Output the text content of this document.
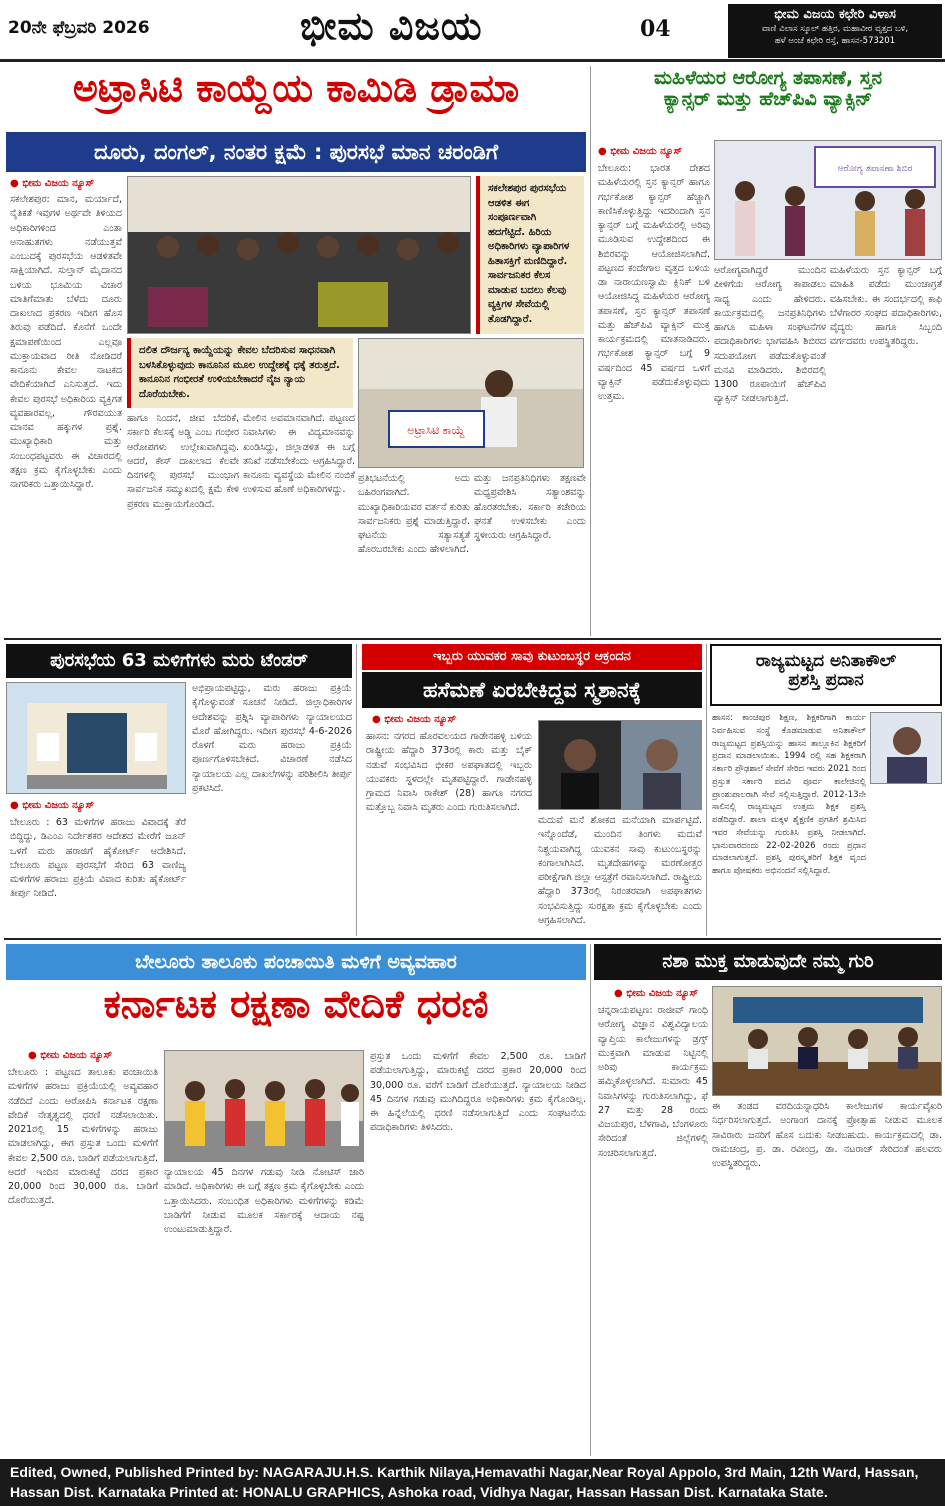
20ನೇ ಫೆಬ್ರವರಿ 2026	ಭೀಮ ವಿಜಯ	04
ಭೀಮ ವಿಜಯ ಕಛೇರಿ ವಿಳಾಸ
ವಾಣಿ ವಿಲಾಸ ಸ್ಕೂಲ್ ಹತ್ತಿರ, ಮಹಾವೀರ ವೃತ್ತದ ಬಳಿ,
ಹಳೆ ಅಂಚೆ ಕಛೇರಿ ರಸ್ತೆ, ಹಾಸನ-573201
ಅಟ್ರಾಸಿಟಿ ಕಾಯ್ದೆಯ ಕಾಮಿಡಿ ಡ್ರಾಮಾ
ದೂರು, ದಂಗಲ್, ನಂತರ ಕ್ಷಮೆ : ಪುರಸಭೆ ಮಾನ ಚರಂಡಿಗೆ
● ಭೀಮ ವಿಜಯ ನ್ಯೂಸ್
ಸಕಲೇಶಪುರ: ಮಾನ, ಮರ್ಯಾದೆ, ನೈತಿಕತೆ ಇವುಗಳ ಅರ್ಥವೇ ತಿಳಿಯದ ಅಧಿಕಾರಿಗಳಿಂದ ಎಂತಾ ಅನಾಹುತಗಳು ನಡೆಯುತ್ತವೆ ಎಂಬುದಕ್ಕೆ ಪುರಸಭೆಯ ಆಡಳಿತವೇ ಸಾಕ್ಷಿಯಾಗಿದೆ. ಸುಲ್ತಾನ್ ಮೈದಾನದ ಬಳಿಯ ಭೂಮಿಯ ವಿಚಾರ ಮಾತಿಗೆಮಾತು ಬೆಳೆದು ದೂರು ದಾಖಲಾದ ಪ್ರಕರಣ ಇದೀಗ ಹೊಸ ತಿರುವು ಪಡೆದಿದೆ. ಕೊನೆಗೆ ಒಂದೇ ಕ್ಷಮಾಪಣೆಯಿಂದ ಎಲ್ಲವೂ ಮುಕ್ತಾಯವಾದ ರೀತಿ ನೋಡಿದರೆ ಕಾನೂನು ಕೇವಲ ನಾಟಕದ ವೇದಿಕೆಯಾಗಿದೆ ಎನಿಸುತ್ತದೆ. ಇದು ಕೇವಲ ಪುರಸಭೆ ಅಧಿಕಾರಿಯ ವ್ಯಕ್ತಿಗತ ವ್ಯವಹಾರವಲ್ಲ, ಗೌರವಯುತ ಮಾನವ ಹಕ್ಕುಗಳ ಪ್ರಶ್ನೆ. ಮುಖ್ಯಾಧಿಕಾರಿ ಮತ್ತು ಸಂಬಂಧಪಟ್ಟವರು ಈ ವಿಚಾರದಲ್ಲಿ ತಕ್ಷಣ ಕ್ರಮ ಕೈಗೊಳ್ಳಬೇಕು ಎಂದು ನಾಗರಿಕರು ಒತ್ತಾಯಿಸಿದ್ದಾರೆ.
ಸಕಲೇಶಪುರ ಪುರಸಭೆಯ ಆಡಳಿತ ಈಗ ಸಂಪೂರ್ಣವಾಗಿ ಹದಗೆಟ್ಟಿದೆ. ಹಿರಿಯ ಅಧಿಕಾರಿಗಳು ವ್ಯಾಪಾರಿಗಳ ಹಿತಾಸಕ್ತಿಗೆ ಮಣಿದಿದ್ದಾರೆ. ಸಾರ್ವಜನಿಕರ ಕೆಲಸ ಮಾಡುವ ಬದಲು ಕೆಲವು ವ್ಯಕ್ತಿಗಳ ಸೇವೆಯಲ್ಲಿ ತೊಡಗಿದ್ದಾರೆ.
ದಲಿತ ದೌರ್ಜನ್ಯ ಕಾಯ್ದೆಯನ್ನು ಕೇವಲ ಬೆದರಿಸುವ ಸಾಧನವಾಗಿ ಬಳಸಿಕೊಳ್ಳುವುದು ಕಾನೂನಿನ ಮೂಲ ಉದ್ದೇಶಕ್ಕೆ ಧಕ್ಕೆ ತರುತ್ತದೆ. ಕಾನೂನಿನ ಗಂಭೀರತೆ ಉಳಿಯಬೇಕಾದರೆ ನೈಜ ನ್ಯಾಯ ದೊರೆಯಬೇಕು.
ಅಟ್ರಾಸಿಟಿ ಕಾಯ್ದೆ
ಹಾಗೂ ನಿಂದನೆ, ಜೀವ ಬೆದರಿಕೆ, ಸರ್ಕಾರಿ ಕೆಲಸಕ್ಕೆ ಅಡ್ಡಿ ಎಂಬ ಗಂಭೀರ ಆರೋಪಗಳು ಉಲ್ಲೇಖವಾಗಿದ್ದವು. ಆದರೆ, ಕೇಸ್ ದಾಖಲಾದ ಕೆಲವೇ ದಿನಗಳಲ್ಲಿ ಪುರಸಭೆ ಮುಂಭಾಗ ಸಾರ್ವಜನಿಕ ಸಮ್ಮುಖದಲ್ಲಿ ಕ್ಷಮೆ ಕೇಳಿ ಪ್ರಕರಣ ಮುಕ್ತಾಯಗೊಂಡಿದೆ.
ಮೇಲಿನ ಅವಮಾನವಾಗಿದೆ. ಪಟ್ಟಣದ ನಿವಾಸಿಗಳು ಈ ವಿದ್ಯಮಾನವನ್ನು ಖಂಡಿಸಿದ್ದು, ಜಿಲ್ಲಾಡಳಿತ ಈ ಬಗ್ಗೆ ತನಿಖೆ ನಡೆಸಬೇಕೆಂದು ಆಗ್ರಹಿಸಿದ್ದಾರೆ. ಕಾನೂನು ವ್ಯವಸ್ಥೆಯ ಮೇಲಿನ ನಂಬಿಕೆ ಉಳಿಸುವ ಹೊಣೆ ಅಧಿಕಾರಿಗಳದ್ದು.
ಪ್ರತಿಭಟನೆಯಲ್ಲಿ ಅದು ಬಹಿರಂಗವಾಗಿದೆ. ಮುಖ್ಯಾಧಿಕಾರಿಯವರ ವರ್ತನೆ ಕುರಿತು ಸಾರ್ವಜನಿಕರು ಪ್ರಶ್ನೆ ಮಾಡುತ್ತಿದ್ದಾರೆ. ಘಟನೆಯ ಸತ್ಯಾಸತ್ಯತೆ ಹೊರಬರಬೇಕು ಎಂದು ಹೇಳಲಾಗಿದೆ.
ಮತ್ತು ಜನಪ್ರತಿನಿಧಿಗಳು ತಕ್ಷಣವೇ ಮಧ್ಯಪ್ರವೇಶಿಸಿ ಸತ್ಯಾಂಶವನ್ನು ಹೊರತರಬೇಕು. ಸರ್ಕಾರಿ ಕಚೇರಿಯ ಘನತೆ ಉಳಿಸಬೇಕು ಎಂದು ಸ್ಥಳೀಯರು ಆಗ್ರಹಿಸಿದ್ದಾರೆ.
ಮಹಿಳೆಯರ ಆರೋಗ್ಯ ತಪಾಸಣೆ, ಸ್ತನ
ಕ್ಯಾನ್ಸರ್ ಮತ್ತು ಹೆಚ್‌ಪಿವಿ ವ್ಯಾಕ್ಸಿನ್
● ಭೀಮ ವಿಜಯ ನ್ಯೂಸ್
ಬೇಲೂರು: ಭಾರತ ದೇಶದ ಮಹಿಳೆಯರಲ್ಲಿ ಸ್ತನ ಕ್ಯಾನ್ಸರ್ ಹಾಗೂ ಗರ್ಭಕೋಶ ಕ್ಯಾನ್ಸರ್ ಹೆಚ್ಚಾಗಿ ಕಾಣಿಸಿಕೊಳ್ಳುತ್ತಿದ್ದು ಇದರಿಂದಾಗಿ ಸ್ತನ ಕ್ಯಾನ್ಸರ್ ಬಗ್ಗೆ ಮಹಿಳೆಯರಲ್ಲಿ ಅರಿವು ಮೂಡಿಸುವ ಉದ್ದೇಶದಿಂದ ಈ ಶಿಬಿರವನ್ನು ಆಯೋಜಿಸಲಾಗಿದೆ. ಪಟ್ಟಣದ ಕಂದೇಗಾಲ ವೃತ್ತದ ಬಳಿಯ ಡಾ ನಾರಾಯಣಸ್ವಾಮಿ ಕ್ಲಿನಿಕ್ ಬಳಿ ಆಯೋಜಿಸಿದ್ದ ಮಹಿಳೆಯರ ಆರೋಗ್ಯ ತಪಾಸಣೆ, ಸ್ತನ ಕ್ಯಾನ್ಸರ್ ತಪಾಸಣೆ ಮತ್ತು ಹೆಚ್‌ಪಿವಿ ವ್ಯಾಕ್ಸಿನ್ ಮುಕ್ತ ಕಾರ್ಯಕ್ರಮದಲ್ಲಿ ಮಾತನಾಡಿದರು. ಗರ್ಭಕೋಶ ಕ್ಯಾನ್ಸರ್ ಬಗ್ಗೆ 9 ವರ್ಷದಿಂದ 45 ವರ್ಷದ ಒಳಗೆ ವ್ಯಾಕ್ಸಿನ್ ಪಡೆದುಕೊಳ್ಳುವುದು ಉತ್ತಮ.
ಆರೋಗ್ಯ ತಪಾಸಣಾ ಶಿಬಿರ
ಆರೋಗ್ಯವಾಗಿದ್ದರೆ ಮುಂದಿನ ಪೀಳಿಗೆಯ ಆರೋಗ್ಯ ಕಾಪಾಡಲು ಸಾಧ್ಯ ಎಂದು ಹೇಳಿದರು. ಕಾರ್ಯಕ್ರಮದಲ್ಲಿ ಜನಪ್ರತಿನಿಧಿಗಳು ಹಾಗೂ ಮಹಿಳಾ ಸಂಘಟನೆಗಳ ಪದಾಧಿಕಾರಿಗಳು ಭಾಗವಹಿಸಿ ಶಿಬಿರದ ಸದುಪಯೋಗ ಪಡೆದುಕೊಳ್ಳುವಂತೆ ಮನವಿ ಮಾಡಿದರು. ಶಿಬಿರದಲ್ಲಿ 1300 ರೂಪಾಯಿಗೆ ಹೆಚ್‌ಪಿವಿ ವ್ಯಾಕ್ಸಿನ್ ನೀಡಲಾಗುತ್ತಿದೆ.
ಮಹಿಳೆಯರು ಸ್ತನ ಕ್ಯಾನ್ಸರ್ ಬಗ್ಗೆ ಮಾಹಿತಿ ಪಡೆದು ಮುಂಜಾಗ್ರತೆ ವಹಿಸಬೇಕು. ಈ ಸಂದರ್ಭದಲ್ಲಿ ಕಾಫಿ ಬೆಳೆಗಾರರ ಸಂಘದ ಪದಾಧಿಕಾರಿಗಳು, ವೈದ್ಯರು ಹಾಗೂ ಸಿಬ್ಬಂದಿ ವರ್ಗದವರು ಉಪಸ್ಥಿತರಿದ್ದರು.
ಪುರಸಭೆಯ 63 ಮಳಿಗೆಗಳು ಮರು ಟೆಂಡರ್
ಅಭಿಪ್ರಾಯಪಟ್ಟಿದ್ದು, ಮರು ಹರಾಜು ಪ್ರಕ್ರಿಯೆ ಕೈಗೊಳ್ಳುವಂತೆ ಸೂಚನೆ ನೀಡಿದೆ. ಜಿಲ್ಲಾಧಿಕಾರಿಗಳ ಆದೇಶವನ್ನು ಪ್ರಶ್ನಿಸಿ ವ್ಯಾಪಾರಿಗಳು ನ್ಯಾಯಾಲಯದ ಮೊರೆ ಹೋಗಿದ್ದರು. ಇದೀಗ ಪುರಸಭೆ 4-6-2026 ರೊಳಗೆ ಮರು ಹರಾಜು ಪ್ರಕ್ರಿಯೆ ಪೂರ್ಣಗೊಳಿಸಬೇಕಿದೆ. ವಿಚಾರಣೆ ನಡೆಸಿದ ನ್ಯಾಯಾಲಯ ಎಲ್ಲ ದಾಖಲೆಗಳನ್ನು ಪರಿಶೀಲಿಸಿ ತೀರ್ಪು ಪ್ರಕಟಿಸಿದೆ.
● ಭೀಮ ವಿಜಯ ನ್ಯೂಸ್
ಬೇಲೂರು : 63 ಮಳಿಗೆಗಳ ಹರಾಜು ವಿವಾದಕ್ಕೆ ತೆರೆ ಬಿದ್ದಿದ್ದು, ಡಿಎಂಎ ನಿರ್ದೇಶಕರ ಆದೇಶದ ಮೇರೆಗೆ ಜೂನ್ ಒಳಗೆ ಮರು ಹರಾಜಿಗೆ ಹೈಕೋರ್ಟ್ ಆದೇಶಿಸಿದೆ. ಬೇಲೂರು ಪಟ್ಟಣ ಪುರಸಭೆಗೆ ಸೇರಿದ 63 ವಾಣಿಜ್ಯ ಮಳಿಗೆಗಳ ಹರಾಜು ಪ್ರಕ್ರಿಯೆ ವಿವಾದ ಕುರಿತು ಹೈಕೋರ್ಟ್ ತೀರ್ಪು ನೀಡಿದೆ.
ಇಬ್ಬರು ಯುವಕರ ಸಾವು ಕುಟುಂಬಸ್ಥರ ಆಕ್ರಂದನ
ಹಸೆಮಣೆ ಏರಬೇಕಿದ್ದವ ಸ್ಮಶಾನಕ್ಕೆ
● ಭೀಮ ವಿಜಯ ನ್ಯೂಸ್
ಹಾಸನ: ನಗರದ ಹೊರವಲಯದ ಗಾಡೇನಹಳ್ಳಿ ಬಳಿಯ ರಾಷ್ಟ್ರೀಯ ಹೆದ್ದಾರಿ 373ರಲ್ಲಿ ಕಾರು ಮತ್ತು ಬೈಕ್ ನಡುವೆ ಸಂಭವಿಸಿದ ಭೀಕರ ಅಪಘಾತದಲ್ಲಿ ಇಬ್ಬರು ಯುವಕರು ಸ್ಥಳದಲ್ಲೇ ಮೃತಪಟ್ಟಿದ್ದಾರೆ. ಗಾಡೇನಹಳ್ಳಿ ಗ್ರಾಮದ ನಿವಾಸಿ ರಾಕೇಶ್ (28) ಹಾಗೂ ನಗರದ ಮತ್ತೊಬ್ಬ ನಿವಾಸಿ ಮೃತರು ಎಂದು ಗುರುತಿಸಲಾಗಿದೆ.
ಮದುವೆ ಮನೆ ಶೋಕದ ಮನೆಯಾಗಿ ಮಾರ್ಪಟ್ಟಿದೆ. ಇನ್ನೊಂದೆಡೆ, ಮುಂದಿನ ತಿಂಗಳು ಮದುವೆ ನಿಶ್ಚಯವಾಗಿದ್ದ ಯುವಕನ ಸಾವು ಕುಟುಂಬಸ್ಥರನ್ನು ಕಂಗಾಲಾಗಿಸಿದೆ. ಮೃತದೇಹಗಳನ್ನು ಮರಣೋತ್ತರ ಪರೀಕ್ಷೆಗಾಗಿ ಜಿಲ್ಲಾ ಆಸ್ಪತ್ರೆಗೆ ರವಾನಿಸಲಾಗಿದೆ. ರಾಷ್ಟ್ರೀಯ ಹೆದ್ದಾರಿ 373ರಲ್ಲಿ ನಿರಂತರವಾಗಿ ಅಪಘಾತಗಳು ಸಂಭವಿಸುತ್ತಿದ್ದು ಸುರಕ್ಷತಾ ಕ್ರಮ ಕೈಗೊಳ್ಳಬೇಕು ಎಂದು ಆಗ್ರಹಿಸಲಾಗಿದೆ.
ರಾಜ್ಯಮಟ್ಟದ ಅನಿತಾಕೌಲ್
ಪ್ರಶಸ್ತಿ ಪ್ರದಾನ
ಹಾಸನ: ಕಾಂಚಿಪುರ ಶಿಕ್ಷಣ, ಶಿಕ್ಷಕರಿಗಾಗಿ ಕಾರ್ಯ ನಿರ್ವಹಿಸುವ ಸಂಸ್ಥೆ ಕೊಡಮಾಡುವ ಅನಿತಾಕೌಲ್ ರಾಜ್ಯಮಟ್ಟದ ಪ್ರಶಸ್ತಿಯನ್ನು ಹಾಸನ ತಾಲ್ಲೂಕಿನ ಶಿಕ್ಷಕರಿಗೆ ಪ್ರದಾನ ಮಾಡಲಾಯಿತು. 1994 ರಲ್ಲಿ ಸಹ ಶಿಕ್ಷಕರಾಗಿ ಸರ್ಕಾರಿ ಪ್ರೌಢಶಾಲೆ ಸೇವೆಗೆ ಸೇರಿದ ಇವರು 2021 ರಿಂದ ಪ್ರಸ್ತುತ ಸರ್ಕಾರಿ ಪದವಿ ಪೂರ್ವ ಕಾಲೇಜಿನಲ್ಲಿ ಪ್ರಾಂಶುಪಾಲರಾಗಿ ಸೇವೆ ಸಲ್ಲಿಸುತ್ತಿದ್ದಾರೆ. 2012-13ನೇ ಸಾಲಿನಲ್ಲಿ ರಾಜ್ಯಮಟ್ಟದ ಉತ್ತಮ ಶಿಕ್ಷಕ ಪ್ರಶಸ್ತಿ ಪಡೆದಿದ್ದಾರೆ. ಶಾಲಾ ಮಕ್ಕಳ ಶೈಕ್ಷಣಿಕ ಪ್ರಗತಿಗೆ ಶ್ರಮಿಸಿದ ಇವರ ಸೇವೆಯನ್ನು ಗುರುತಿಸಿ ಪ್ರಶಸ್ತಿ ನೀಡಲಾಗಿದೆ. ಭಾನುವಾರದಂದು 22-02-2026 ರಂದು ಪ್ರಧಾನ ಮಾಡಲಾಗುತ್ತದೆ. ಪ್ರಶಸ್ತಿ ಪುರಸ್ಕೃತರಿಗೆ ಶಿಕ್ಷಕ ವೃಂದ ಹಾಗೂ ಪೋಷಕರು ಅಭಿನಂದನೆ ಸಲ್ಲಿಸಿದ್ದಾರೆ.
ಬೇಲೂರು ತಾಲೂಕು ಪಂಚಾಯಿತಿ ಮಳಿಗೆ ಅವ್ಯವಹಾರ
ಕರ್ನಾಟಕ ರಕ್ಷಣಾ ವೇದಿಕೆ ಧರಣಿ
● ಭೀಮ ವಿಜಯ ನ್ಯೂಸ್
ಬೇಲೂರು : ಪಟ್ಟಣದ ತಾಲೂಕು ಪಂಚಾಯಿತಿ ಮಳಿಗೆಗಳ ಹರಾಜು ಪ್ರಕ್ರಿಯೆಯಲ್ಲಿ ಅವ್ಯವಹಾರ ನಡೆದಿದೆ ಎಂದು ಆರೋಪಿಸಿ ಕರ್ನಾಟಕ ರಕ್ಷಣಾ ವೇದಿಕೆ ನೇತೃತ್ವದಲ್ಲಿ ಧರಣಿ ನಡೆಸಲಾಯಿತು. 2021ರಲ್ಲಿ 15 ಮಳಿಗೆಗಳನ್ನು ಹರಾಜು ಮಾಡಲಾಗಿದ್ದು, ಈಗ ಪ್ರಸ್ತುತ ಒಂದು ಮಳಿಗೆಗೆ ಕೇವಲ 2,500 ರೂ. ಬಾಡಿಗೆ ಪಡೆಯಲಾಗುತ್ತಿದೆ. ಆದರೆ ಇಂದಿನ ಮಾರುಕಟ್ಟೆ ದರದ ಪ್ರಕಾರ 20,000 ರಿಂದ 30,000 ರೂ. ಬಾಡಿಗೆ ದೊರೆಯುತ್ತದೆ.
ನ್ಯಾಯಾಲಯ 45 ದಿನಗಳ ಗಡುವು ನೀಡಿ ನೋಟಿಸ್ ಜಾರಿ ಮಾಡಿದೆ. ಅಧಿಕಾರಿಗಳು ಈ ಬಗ್ಗೆ ತಕ್ಷಣ ಕ್ರಮ ಕೈಗೊಳ್ಳಬೇಕು ಎಂದು ಒತ್ತಾಯಿಸಿದರು. ಸಂಬಂಧಿತ ಅಧಿಕಾರಿಗಳು ಮಳಿಗೆಗಳನ್ನು ಕಡಿಮೆ ಬಾಡಿಗೆಗೆ ನೀಡುವ ಮೂಲಕ ಸರ್ಕಾರಕ್ಕೆ ಆದಾಯ ನಷ್ಟ ಉಂಟುಮಾಡುತ್ತಿದ್ದಾರೆ.
ಪ್ರಸ್ತುತ ಒಂದು ಮಳಿಗೆಗೆ ಕೇವಲ 2,500 ರೂ. ಬಾಡಿಗೆ ಪಡೆಯಲಾಗುತ್ತಿದ್ದು, ಮಾರುಕಟ್ಟೆ ದರದ ಪ್ರಕಾರ 20,000 ರಿಂದ 30,000 ರೂ. ವರೆಗೆ ಬಾಡಿಗೆ ದೊರೆಯುತ್ತದೆ. ನ್ಯಾಯಾಲಯ ನೀಡಿದ 45 ದಿನಗಳ ಗಡುವು ಮುಗಿದಿದ್ದರೂ ಅಧಿಕಾರಿಗಳು ಕ್ರಮ ಕೈಗೊಂಡಿಲ್ಲ. ಈ ಹಿನ್ನೆಲೆಯಲ್ಲಿ ಧರಣಿ ನಡೆಸಲಾಗುತ್ತಿದೆ ಎಂದು ಸಂಘಟನೆಯ ಪದಾಧಿಕಾರಿಗಳು ತಿಳಿಸಿದರು.
ನಶಾ ಮುಕ್ತ ಮಾಡುವುದೇ ನಮ್ಮ ಗುರಿ
● ಭೀಮ ವಿಜಯ ನ್ಯೂಸ್
ಚನ್ನರಾಯಪಟ್ಟಣ: ರಾಜೀವ್ ಗಾಂಧಿ ಆರೋಗ್ಯ ವಿಜ್ಞಾನ ವಿಶ್ವವಿದ್ಯಾಲಯ ವ್ಯಾಪ್ತಿಯ ಕಾಲೇಜುಗಳನ್ನು ಡ್ರಗ್ಸ್ ಮುಕ್ತವಾಗಿ ಮಾಡುವ ನಿಟ್ಟಿನಲ್ಲಿ ಅರಿವು ಕಾರ್ಯಕ್ರಮ ಹಮ್ಮಿಕೊಳ್ಳಲಾಗಿದೆ. ಸುಮಾರು 45 ನಿವಾಸಿಗಳನ್ನು ಗುರುತಿಸಲಾಗಿದ್ದು, ಫೆ 27 ಮತ್ತು 28 ರಂದು ವಿಜಯಪುರ, ಬೆಳಗಾವಿ, ಬೆಂಗಳೂರು ಸೇರಿದಂತೆ ಜಿಲ್ಲೆಗಳಲ್ಲಿ ಸಂಚರಿಸಲಾಗುತ್ತದೆ.
ಈ ತಂಡದ ವರದಿಯನ್ನಾಧರಿಸಿ ಕಾಲೇಜುಗಳ ಕಾರ್ಯವೈಖರಿ ನಿರ್ಧರಿಸಲಾಗುತ್ತದೆ. ಅಂಗಾಂಗ ದಾನಕ್ಕೆ ಪ್ರೋತ್ಸಾಹ ನೀಡುವ ಮೂಲಕ ಸಾವಿರಾರು ಜನರಿಗೆ ಹೊಸ ಬದುಕು ನೀಡಬಹುದು. ಕಾರ್ಯಕ್ರಮದಲ್ಲಿ ಡಾ. ರಾಮಚಂದ್ರ, ಪ್ರ. ಡಾ. ರವೀಂದ್ರ, ಡಾ. ನಟರಾಜ್ ಸೇರಿದಂತೆ ಹಲವರು ಉಪಸ್ಥಿತರಿದ್ದರು.
Edited, Owned, Published Printed by: NAGARAJU.H.S. Karthik Nilaya,Hemavathi Nagar,Near Royal Appolo, 3rd Main, 12th Ward, Hassan,
Hassan Dist. Karnataka Printed at: HONALU GRAPHICS, Ashoka road, Vidhya Nagar, Hassan Hassan Dist. Karnataka State.
